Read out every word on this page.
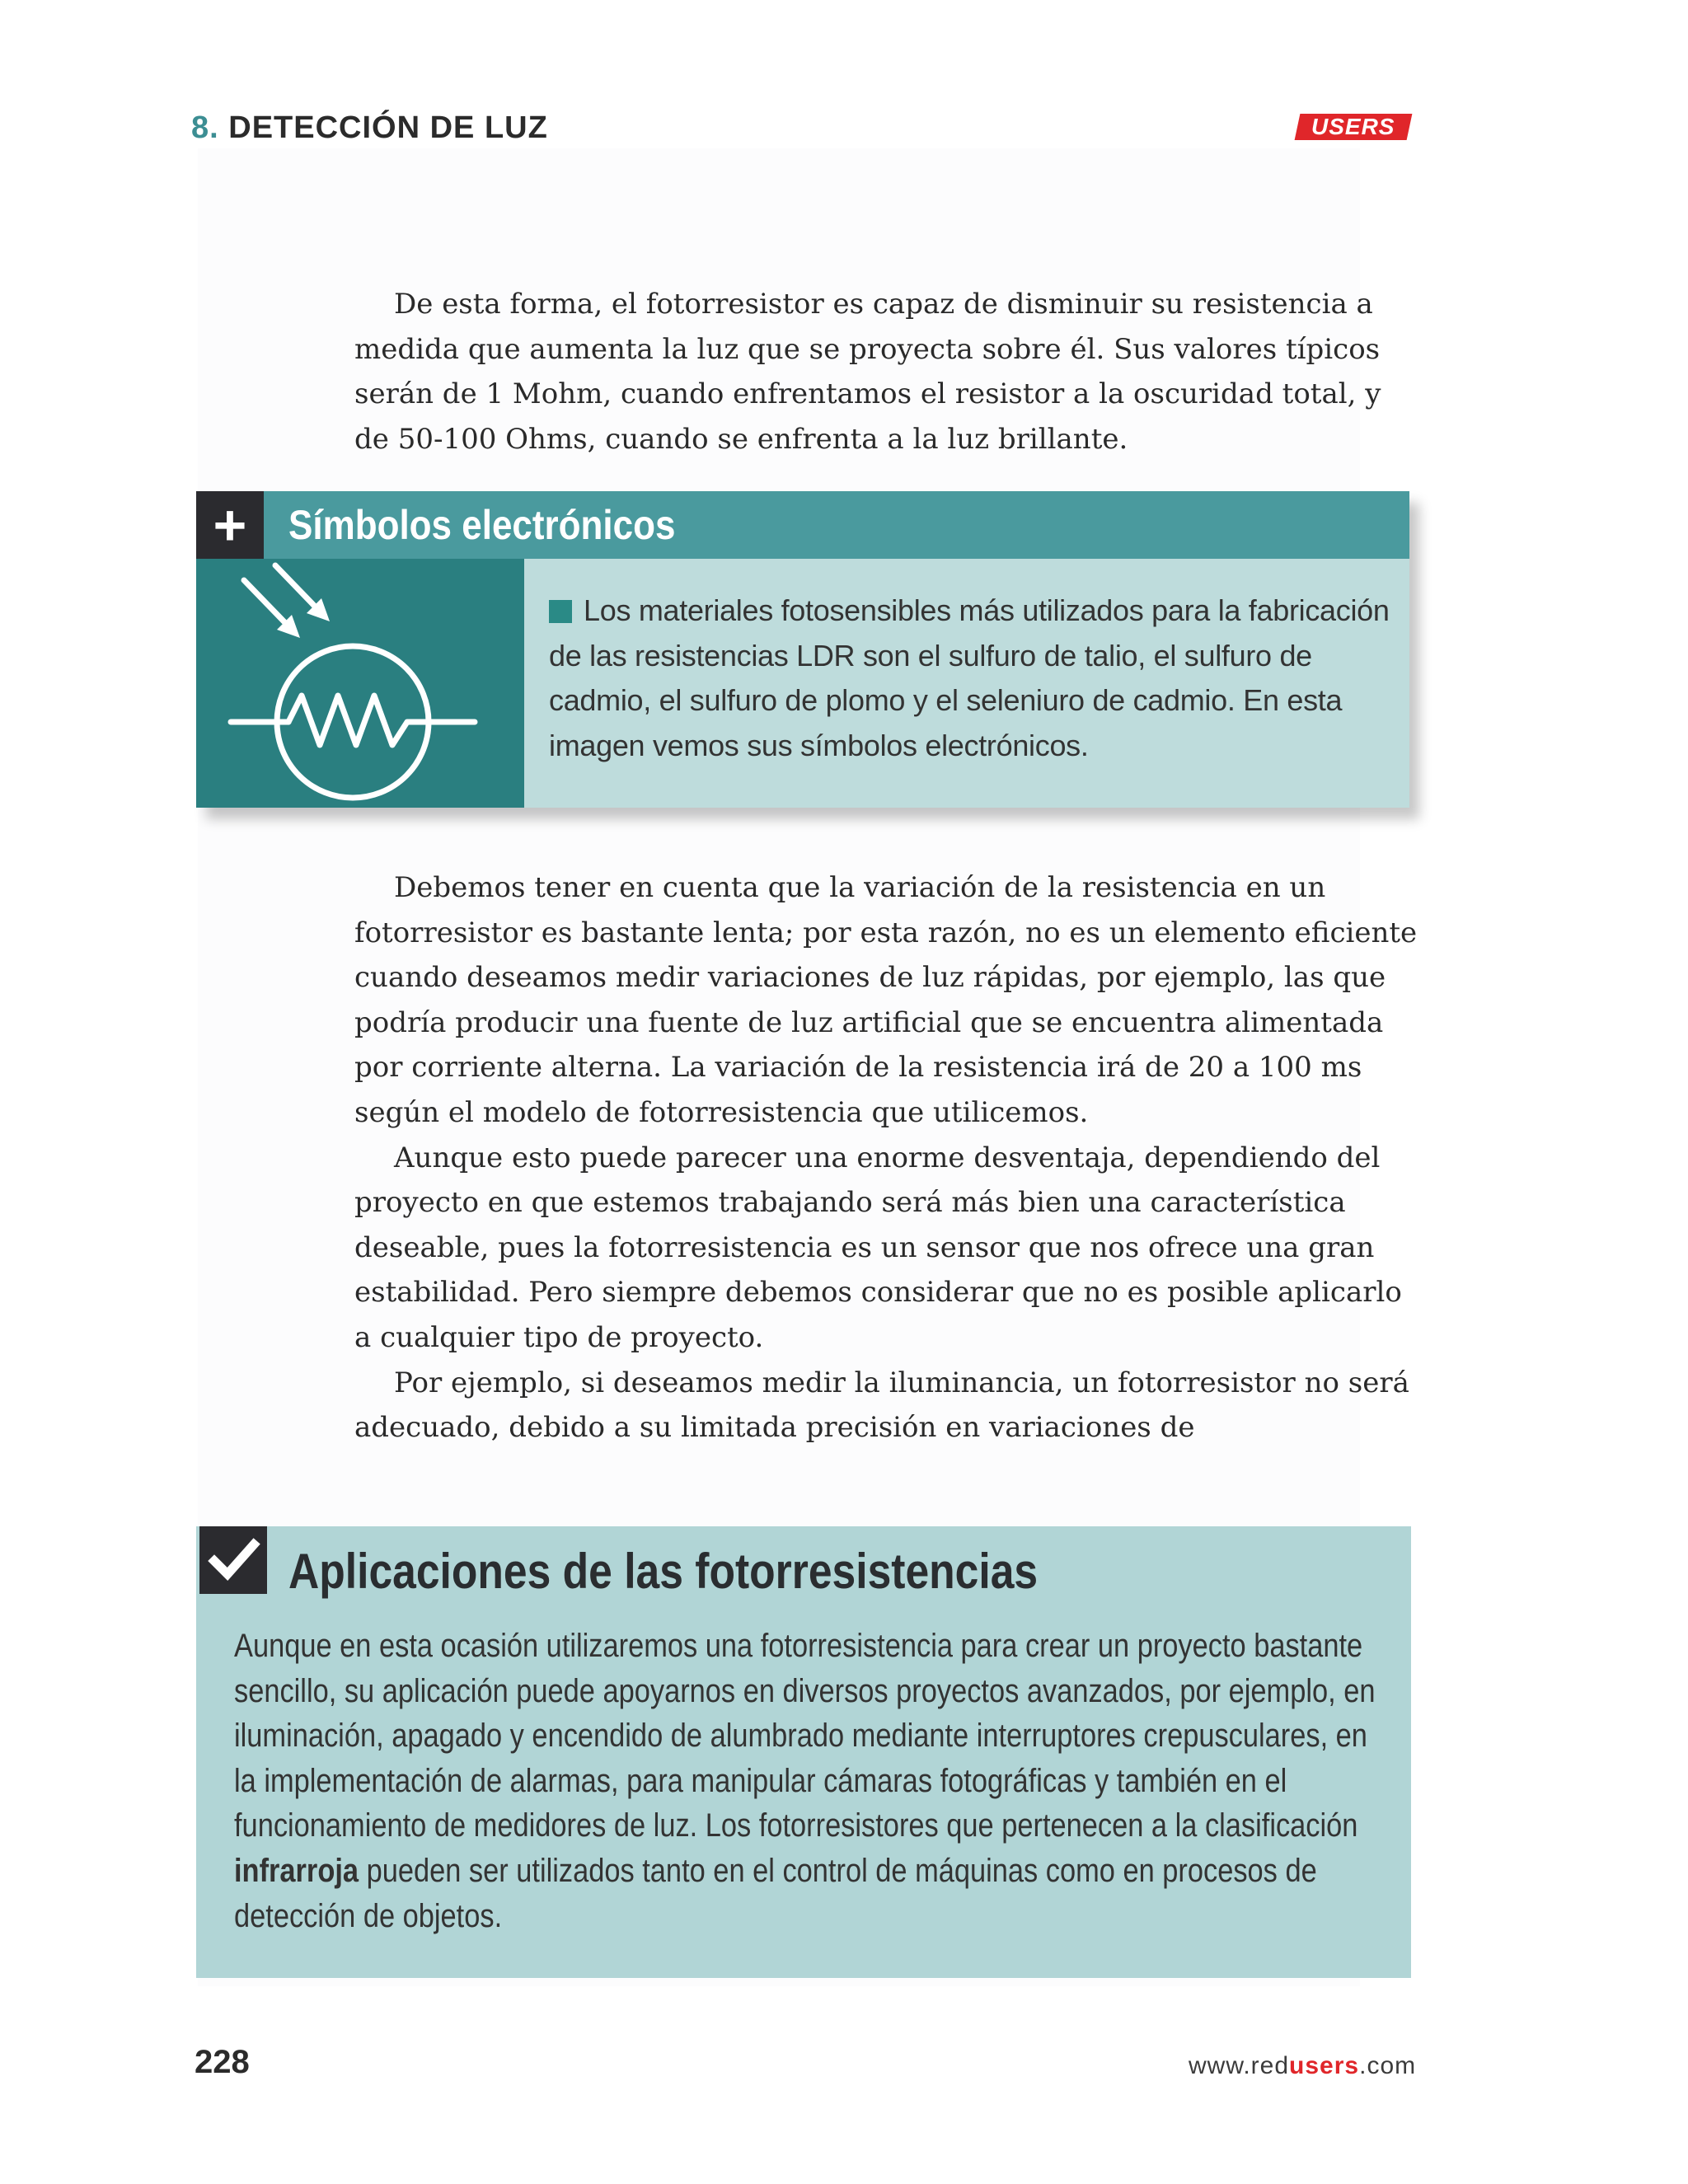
8. DETECCIÓN DE LUZ	USERS

De esta forma, el fotorresistor es capaz de disminuir su resistencia a medida que aumenta la luz que se proyecta sobre él. Sus valores típicos serán de 1 Mohm, cuando enfrentamos el resistor a la oscuridad total, y de 50-100 Ohms, cuando se enfrenta a la luz brillante.

+	Símbolos electrónicos
Los materiales fotosensibles más utilizados para la fabricación de las resistencias LDR son el sulfuro de talio, el sulfuro de cadmio, el sulfuro de plomo y el seleniuro de cadmio. En esta imagen vemos sus símbolos electrónicos.

Debemos tener en cuenta que la variación de la resistencia en un fotorresistor es bastante lenta; por esta razón, no es un elemento eficiente cuando deseamos medir variaciones de luz rápidas, por ejemplo, las que podría producir una fuente de luz artificial que se encuentra alimentada por corriente alterna. La variación de la resistencia irá de 20 a 100 ms según el modelo de fotorresistencia que utilicemos.

Aunque esto puede parecer una enorme desventaja, dependiendo del proyecto en que estemos trabajando será más bien una característica deseable, pues la fotorresistencia es un sensor que nos ofrece una gran estabilidad. Pero siempre debemos considerar que no es posible aplicarlo a cualquier tipo de proyecto.

Por ejemplo, si deseamos medir la iluminancia, un fotorresistor no será adecuado, debido a su limitada precisión en variaciones de

Aplicaciones de las fotorresistencias

Aunque en esta ocasión utilizaremos una fotorresistencia para crear un proyecto bastante sencillo, su aplicación puede apoyarnos en diversos proyectos avanzados, por ejemplo, en iluminación, apagado y encendido de alumbrado mediante interruptores crepusculares, en la implementación de alarmas, para manipular cámaras fotográficas y también en el funcionamiento de medidores de luz. Los fotorresistores que pertenecen a la clasificación infrarroja pueden ser utilizados tanto en el control de máquinas como en procesos de detección de objetos.

228	www.redusers.com
